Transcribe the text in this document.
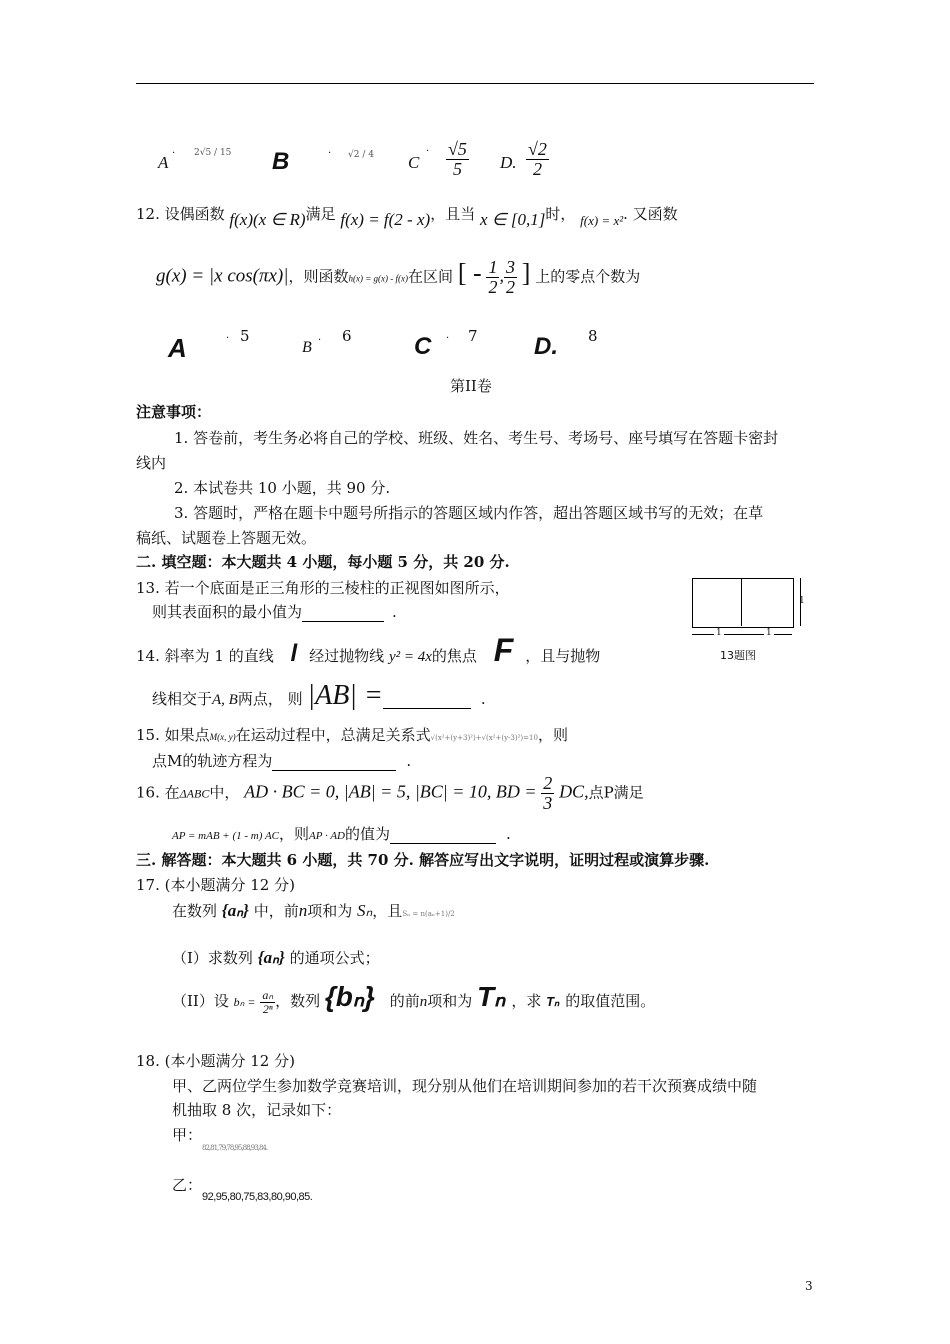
A · 2√5 / 15 B	· √2 / 4 C
· $\frac{√5}{5} D$. $\frac{√2}{2}$
12. 设偶函数 f(x)(x ∈ R)满足 f(x) = f(2 - x)，且当 x ∈ [0,1]时， f(x) = x². 又函数
g(x) = |x cos(πx)|，则函数h(x) = g(x) - f(x)在区间 [ - $\frac{1}{2}$ , $\frac{3}{2}$ ] 上的零点个数为
A	· 5
B · 6	C · 7 D. 8
第II卷
注意事项：
1. 答卷前，考生务必将自己的学校、班级、姓名、考生号、考场号、座号填写在答题卡密封
线内
2. 本试卷共 10 小题，共 90 分.
3. 答题时，严格在题卡中题号所指示的答题区域内作答，超出答题区域书写的无效；在草
稿纸、试题卷上答题无效。
二. 填空题：本大题共 4 小题，每小题 5 分，共 20 分.
13. 若一个底面是正三角形的三棱柱的正视图如图所示，
则其表面积的最小值为	.
1
1	1
13题图
14. 斜率为 1 的直线 l 经过抛物线 y² = 4x的焦点 F ，且与抛物
线相交于A, B两点， 则 |AB| =	.
15. 如果点M(x, y)在运动过程中，总满足关系式√(x²+(y+3)²)+√(x²+(y-3)²)=10，则
点M的轨迹方程为	.
16. 在ΔABC中， AD · BC = 0, |AB| = 5, |BC| = 10, BD = $\frac{2}{3}$ DC,点P满足
AP = mAB + (1 - m) AC，则AP · AD的值为	.
三. 解答题：本大题共 6 小题，共 70 分. 解答应写出文字说明，证明过程或演算步骤.
17. (本小题满分 12 分)
在数列 {aₙ} 中，前n项和为 Sₙ，且Sₙ = n(aₙ+1)/2
（I）求数列 {aₙ} 的通项公式；
（II）设 $b_n = \frac{\text{aₙ}}{\text{2ⁿ}}$ ，数列 {bₙ} 的前n项和为 Tₙ ，求 Tₙ 的取值范围。
18. (本小题满分 12 分)
甲、乙两位学生参加数学竞赛培训，现分别从他们在培训期间参加的若干次预赛成绩中随
机抽取 8 次，记录如下：
甲：$_{82,81,79,78,95,88,93,84.}$
乙：$_{92,95,80,75,83,80,90,85.}$
3
